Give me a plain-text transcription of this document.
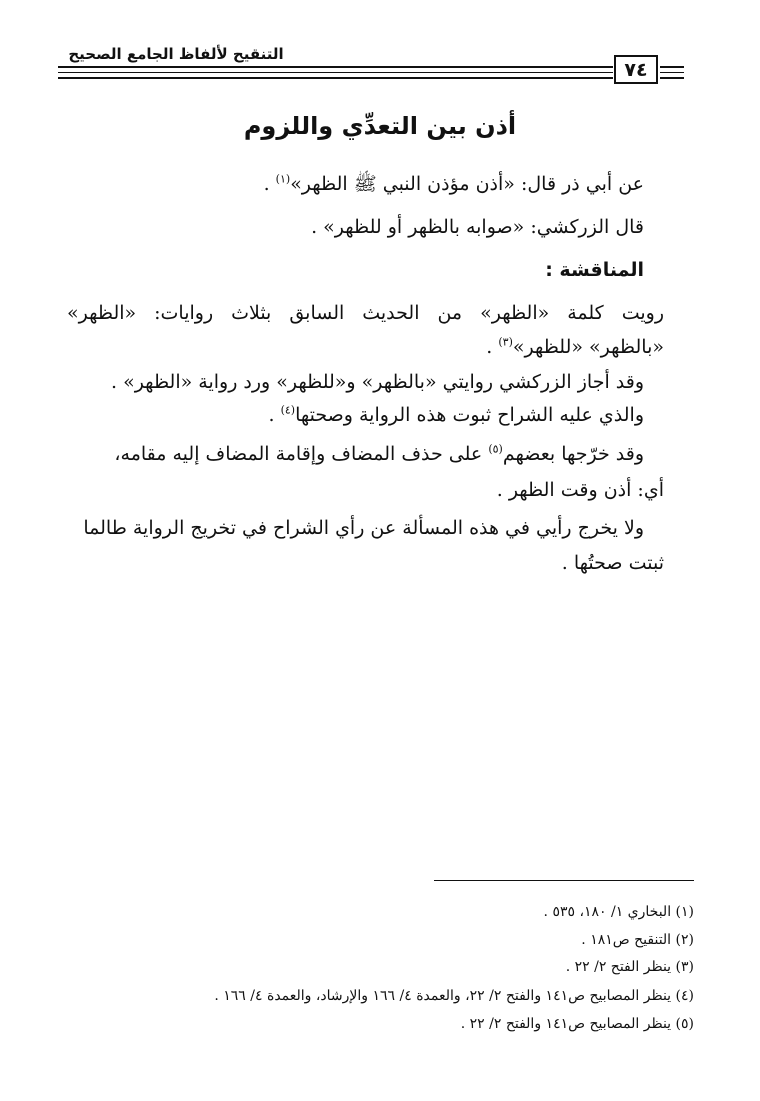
التنقيح لألفاظ الجامع الصحيح
٧٤
أذن بين التعدِّي واللزوم
عن أبي ذر قال: «أذن مؤذن النبي ﷺ الظهر»$^{(١)}$ .
قال الزركشي: «صوابه بالظهر أو للظهر» .
المناقشة :
رويت كلمة «الظهر» من الحديث السابق بثلاث روايات: «الظهر»
«بالظهر» «للظهر»$^{(٣)}$ .
وقد أجاز الزركشي روايتي «بالظهر» و«للظهر» ورد رواية «الظهر» .
والذي عليه الشراح ثبوت هذه الرواية وصحتها$^{(٤)}$ .
وقد خرّجها بعضهم$^{(٥)}$ على حذف المضاف وإقامة المضاف إليه مقامه،
أي: أذن وقت الظهر .
ولا يخرج رأيي في هذه المسألة عن رأي الشراح في تخريج الرواية طالما
ثبتت صحتُها .
(١) البخاري ١/ ١٨٠، ٥٣٥ .
(٢) التنقيح ص١٨١ .
(٣) ينظر الفتح ٢/ ٢٢ .
(٤) ينظر المصابيح ص١٤١ والفتح ٢/ ٢٢، والعمدة ٤/ ١٦٦ والإرشاد، والعمدة ٤/ ١٦٦ .
(٥) ينظر المصابيح ص١٤١ والفتح ٢/ ٢٢ .
